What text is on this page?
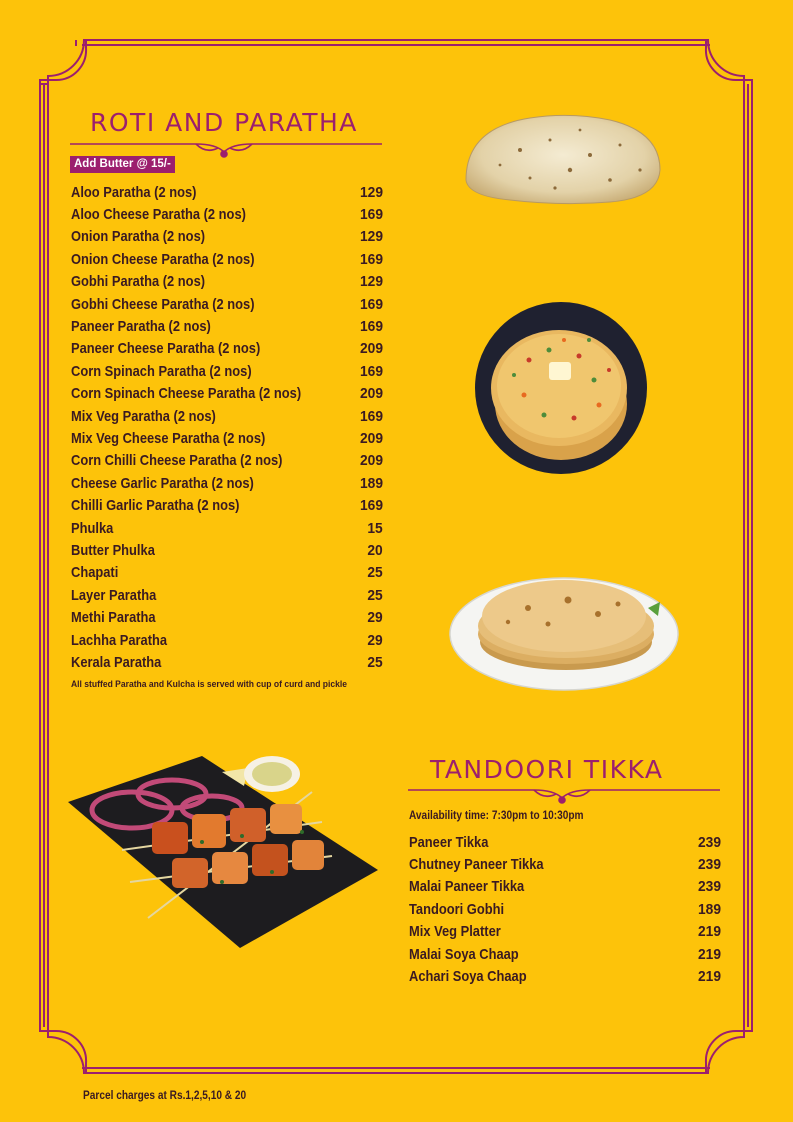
ROTI AND PARATHA
Add Butter @ 15/-
Aloo Paratha (2 nos)	129
Aloo Cheese Paratha (2 nos)	169
Onion Paratha (2 nos)	129
Onion Cheese Paratha (2 nos)	169
Gobhi Paratha (2 nos)	129
Gobhi Cheese Paratha (2 nos)	169
Paneer Paratha (2 nos)	169
Paneer Cheese Paratha (2 nos)	209
Corn Spinach Paratha (2 nos)	169
Corn Spinach Cheese Paratha (2 nos)	209
Mix Veg Paratha (2 nos)	169
Mix Veg Cheese Paratha (2 nos)	209
Corn Chilli Cheese Paratha (2 nos)	209
Cheese Garlic Paratha (2 nos)	189
Chilli Garlic Paratha (2 nos)	169
Phulka	15
Butter Phulka	20
Chapati	25
Layer Paratha	25
Methi Paratha	29
Lachha Paratha	29
Kerala Paratha	25
All stuffed Paratha and Kulcha is served with cup of curd and pickle
TANDOORI TIKKA
Availability time: 7:30pm to 10:30pm
Paneer Tikka	239
Chutney Paneer Tikka	239
Malai Paneer Tikka	239
Tandoori Gobhi	189
Mix Veg Platter	219
Malai Soya Chaap	219
Achari Soya Chaap	219
Parcel charges at Rs.1,2,5,10 & 20
